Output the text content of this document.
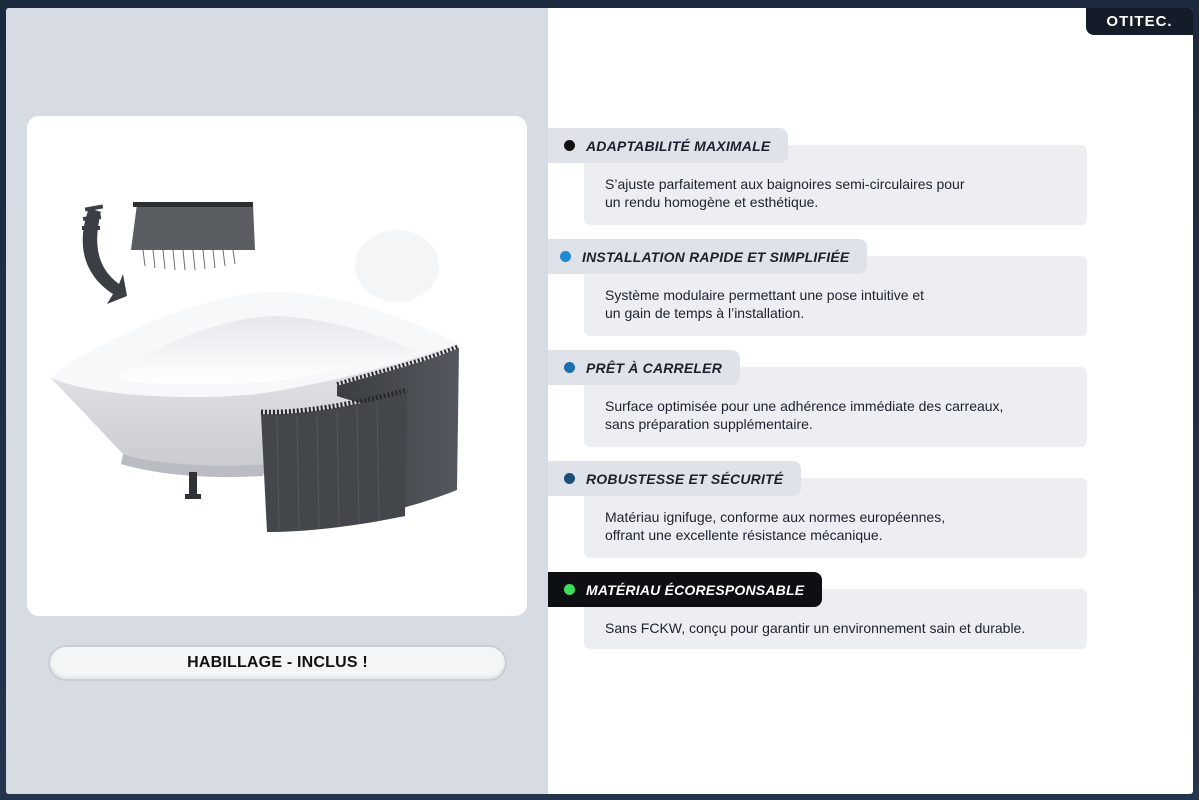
HABILLAGE - INCLUS !
OTITEC.
ADAPTABILITÉ MAXIMALE
S’ajuste parfaitement aux baignoires semi-circulaires pour
un rendu homogène et esthétique.
INSTALLATION RAPIDE ET SIMPLIFIÉE
Système modulaire permettant une pose intuitive et
un gain de temps à l’installation.
PRÊT À CARRELER
Surface optimisée pour une adhérence immédiate des carreaux,
sans préparation supplémentaire.
ROBUSTESSE ET SÉCURITÉ
Matériau ignifuge, conforme aux normes européennes,
offrant une excellente résistance mécanique.
MATÉRIAU ÉCORESPONSABLE
Sans FCKW, conçu pour garantir un environnement sain et durable.
